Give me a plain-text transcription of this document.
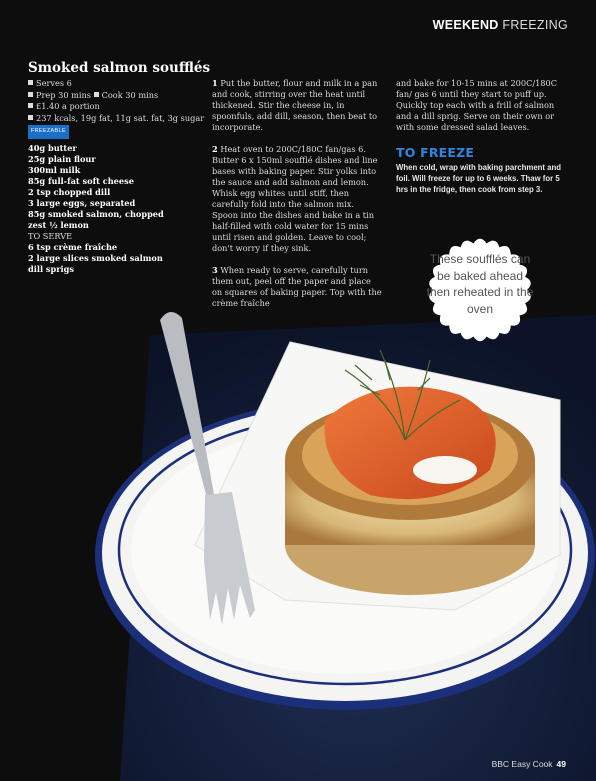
WEEKEND FREEZING
Smoked salmon soufflés
Serves 6
Prep 30 mins Cook 30 mins
£1.40 a portion
237 kcals, 19g fat, 11g sat. fat, 3g sugar
FREEZABLE
40g butter
25g plain flour
300ml milk
85g full-fat soft cheese
2 tsp chopped dill
3 large eggs, separated
85g smoked salmon, chopped
zest ½ lemon
TO SERVE
6 tsp crème fraîche
2 large slices smoked salmon
dill sprigs

1 Put the butter, flour and milk in a pan and cook, stirring over the heat until thickened. Stir the cheese in, in spoonfuls, add dill, season, then beat to incorporate.

2 Heat oven to 200C/180C fan/gas 6. Butter 6 x 150ml soufflé dishes and line bases with baking paper. Stir yolks into the sauce and add salmon and lemon. Whisk egg whites until stiff, then carefully fold into the salmon mix. Spoon into the dishes and bake in a tin half-filled with cold water for 15 mins until risen and golden. Leave to cool; don't worry if they sink.

3 When ready to serve, carefully turn them out, peel off the paper and place on squares of baking paper. Top with the crème fraîche

and bake for 10-15 mins at 200C/180C fan/ gas 6 until they start to puff up. Quickly top each with a frill of salmon and a dill sprig. Serve on their own or with some dressed salad leaves.

TO FREEZE
When cold, wrap with baking parchment and foil. Will freeze for up to 6 weeks. Thaw for 5 hrs in the fridge, then cook from step 3.
These soufflés can be baked ahead then reheated in the oven
BBC Easy Cook 49
